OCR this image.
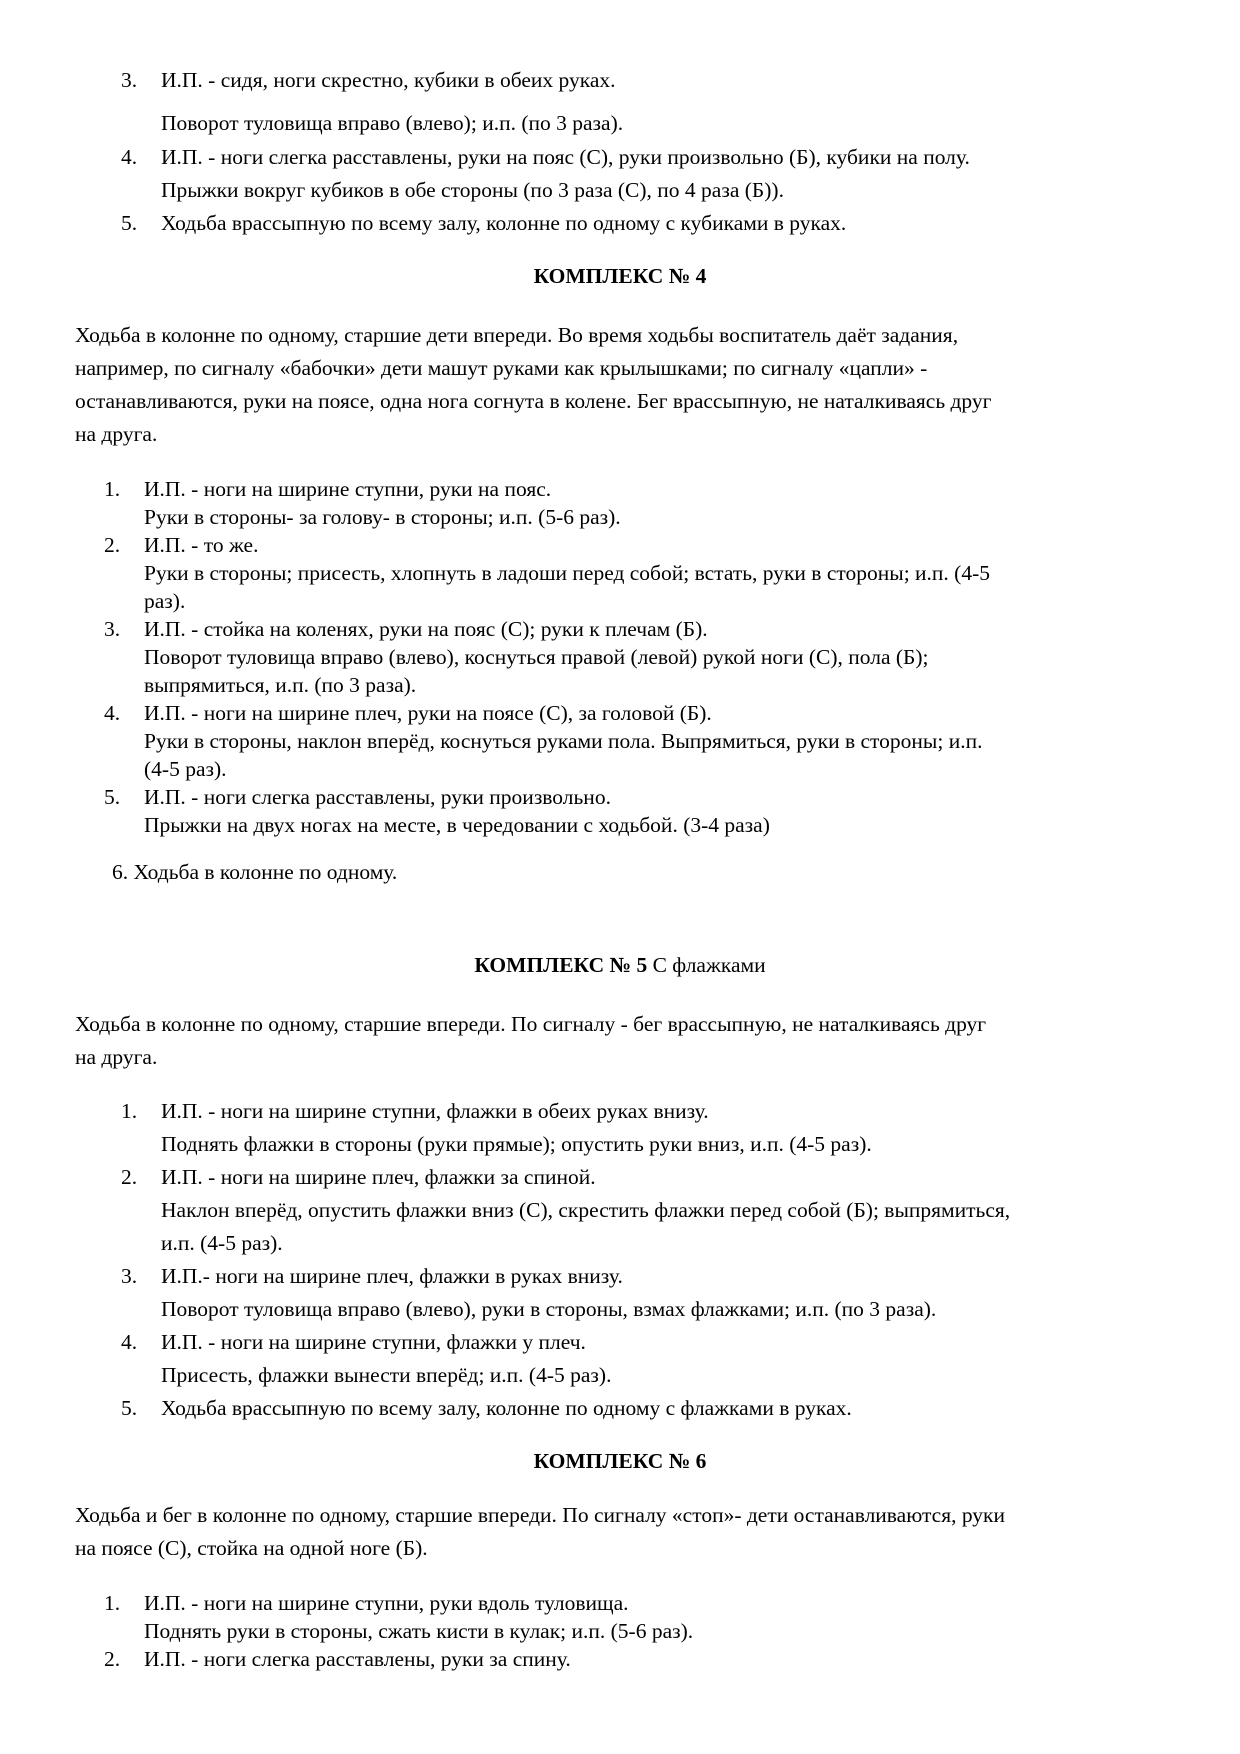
3. И.П. - сидя, ноги скрестно, кубики в обеих руках.
Поворот туловища вправо (влево); и.п. (по 3 раза).
4. И.П. - ноги слегка расставлены, руки на пояс (С), руки произвольно (Б), кубики на полу.
Прыжки вокруг кубиков в обе стороны (по 3 раза (С), по 4 раза (Б)).
5. Ходьба врассыпную по всему залу, колонне по одному с кубиками в руках.
КОМПЛЕКС № 4
Ходьба в колонне по одному, старшие дети впереди. Во время ходьбы воспитатель даёт задания,
например, по сигналу «бабочки» дети машут руками как крылышками; по сигналу «цапли» -
останавливаются, руки на поясе, одна нога согнута в колене. Бег врассыпную, не наталкиваясь друг
на друга.
1. И.П. - ноги на ширине ступни, руки на пояс.
Руки в стороны- за голову- в стороны; и.п. (5-6 раз).
2. И.П. - то же.
Руки в стороны; присесть, хлопнуть в ладоши перед собой; встать, руки в стороны; и.п. (4-5
раз).
3. И.П. - стойка на коленях, руки на пояс (С); руки к плечам (Б).
Поворот туловища вправо (влево), коснуться правой (левой) рукой ноги (С), пола (Б);
выпрямиться, и.п. (по 3 раза).
4. И.П. - ноги на ширине плеч, руки на поясе (С), за головой (Б).
Руки в стороны, наклон вперёд, коснуться руками пола. Выпрямиться, руки в стороны; и.п.
(4-5 раз).
5. И.П. - ноги слегка расставлены, руки произвольно.
Прыжки на двух ногах на месте, в чередовании с ходьбой. (3-4 раза)
6. Ходьба в колонне по одному.
КОМПЛЕКС № 5 С флажками
Ходьба в колонне по одному, старшие впереди. По сигналу - бег врассыпную, не наталкиваясь друг
на друга.
1. И.П. - ноги на ширине ступни, флажки в обеих руках внизу.
Поднять флажки в стороны (руки прямые); опустить руки вниз, и.п. (4-5 раз).
2. И.П. - ноги на ширине плеч, флажки за спиной.
Наклон вперёд, опустить флажки вниз (С), скрестить флажки перед собой (Б); выпрямиться,
и.п. (4-5 раз).
3. И.П.- ноги на ширине плеч, флажки в руках внизу.
Поворот туловища вправо (влево), руки в стороны, взмах флажками; и.п. (по 3 раза).
4. И.П. - ноги на ширине ступни, флажки у плеч.
Присесть, флажки вынести вперёд; и.п. (4-5 раз).
5. Ходьба врассыпную по всему залу, колонне по одному с флажками в руках.
КОМПЛЕКС № 6
Ходьба и бег в колонне по одному, старшие впереди. По сигналу «стоп»- дети останавливаются, руки
на поясе (С), стойка на одной ноге (Б).
1. И.П. - ноги на ширине ступни, руки вдоль туловища.
Поднять руки в стороны, сжать кисти в кулак; и.п. (5-6 раз).
2. И.П. - ноги слегка расставлены, руки за спину.
